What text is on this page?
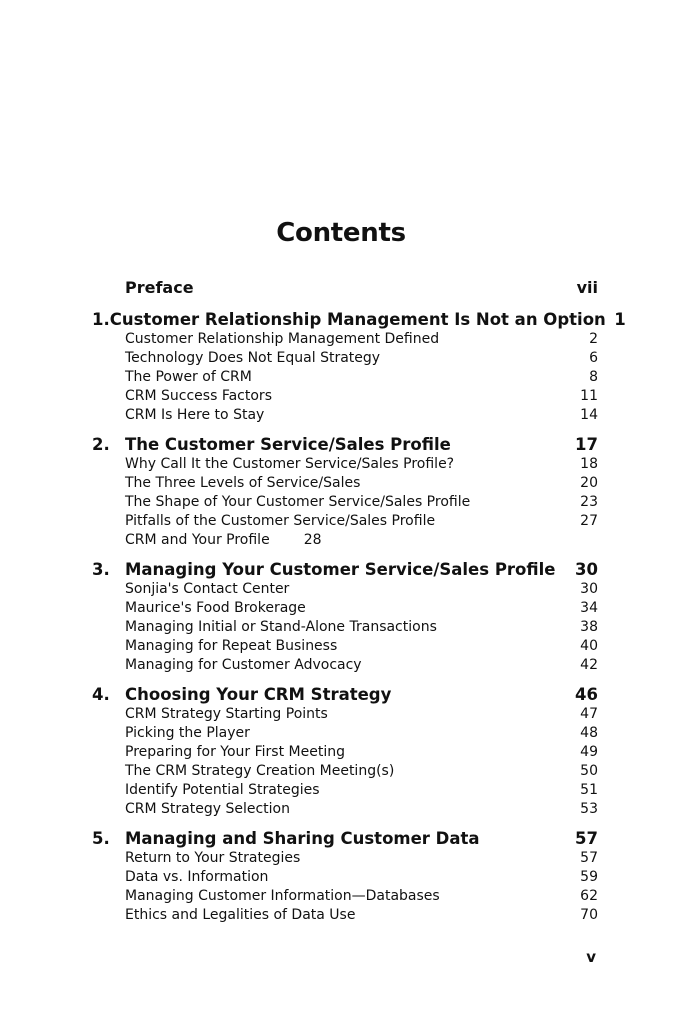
Contents
Preface	vii
1. Customer Relationship Management Is Not an Option 1
Customer Relationship Management Defined	2
Technology Does Not Equal Strategy	6
The Power of CRM	8
CRM Success Factors	11
CRM Is Here to Stay	14
2. The Customer Service/Sales Profile	17
Why Call It the Customer Service/Sales Profile?	18
The Three Levels of Service/Sales	20
The Shape of Your Customer Service/Sales Profile	23
Pitfalls of the Customer Service/Sales Profile	27
CRM and Your Profile 28
3. Managing Your Customer Service/Sales Profile	30
Sonjia's Contact Center	30
Maurice's Food Brokerage	34
Managing Initial or Stand-Alone Transactions	38
Managing for Repeat Business	40
Managing for Customer Advocacy	42
4. Choosing Your CRM Strategy	46
CRM Strategy Starting Points	47
Picking the Player	48
Preparing for Your First Meeting	49
The CRM Strategy Creation Meeting(s)	50
Identify Potential Strategies	51
CRM Strategy Selection	53
5. Managing and Sharing Customer Data	57
Return to Your Strategies	57
Data vs. Information	59
Managing Customer Information—Databases	62
Ethics and Legalities of Data Use	70
v
